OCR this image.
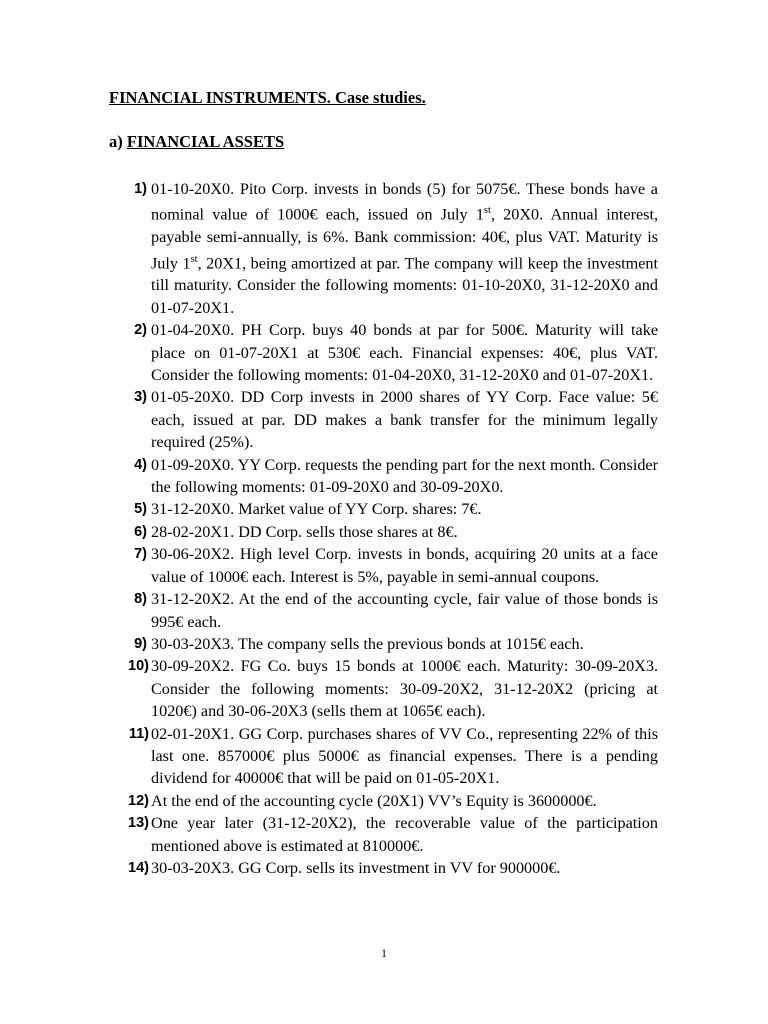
FINANCIAL INSTRUMENTS. Case studies.

a) FINANCIAL ASSETS

1) 01-10-20X0. Pito Corp. invests in bonds (5) for 5075€. These bonds have a nominal value of 1000€ each, issued on July 1st, 20X0. Annual interest, payable semi-annually, is 6%. Bank commission: 40€, plus VAT. Maturity is July 1st, 20X1, being amortized at par. The company will keep the investment till maturity. Consider the following moments: 01-10-20X0, 31-12-20X0 and 01-07-20X1.
2) 01-04-20X0. PH Corp. buys 40 bonds at par for 500€. Maturity will take place on 01-07-20X1 at 530€ each. Financial expenses: 40€, plus VAT. Consider the following moments: 01-04-20X0, 31-12-20X0 and 01-07-20X1.
3) 01-05-20X0. DD Corp invests in 2000 shares of YY Corp. Face value: 5€ each, issued at par. DD makes a bank transfer for the minimum legally required (25%).
4) 01-09-20X0. YY Corp. requests the pending part for the next month. Consider the following moments: 01-09-20X0 and 30-09-20X0.
5) 31-12-20X0. Market value of YY Corp. shares: 7€.
6) 28-02-20X1. DD Corp. sells those shares at 8€.
7) 30-06-20X2. High level Corp. invests in bonds, acquiring 20 units at a face value of 1000€ each. Interest is 5%, payable in semi-annual coupons.
8) 31-12-20X2. At the end of the accounting cycle, fair value of those bonds is 995€ each.
9) 30-03-20X3. The company sells the previous bonds at 1015€ each.
10) 30-09-20X2. FG Co. buys 15 bonds at 1000€ each. Maturity: 30-09-20X3. Consider the following moments: 30-09-20X2, 31-12-20X2 (pricing at 1020€) and 30-06-20X3 (sells them at 1065€ each).
11) 02-01-20X1. GG Corp. purchases shares of VV Co., representing 22% of this last one. 857000€ plus 5000€ as financial expenses. There is a pending dividend for 40000€ that will be paid on 01-05-20X1.
12) At the end of the accounting cycle (20X1) VV’s Equity is 3600000€.
13) One year later (31-12-20X2), the recoverable value of the participation mentioned above is estimated at 810000€.
14) 30-03-20X3. GG Corp. sells its investment in VV for 900000€.
1
